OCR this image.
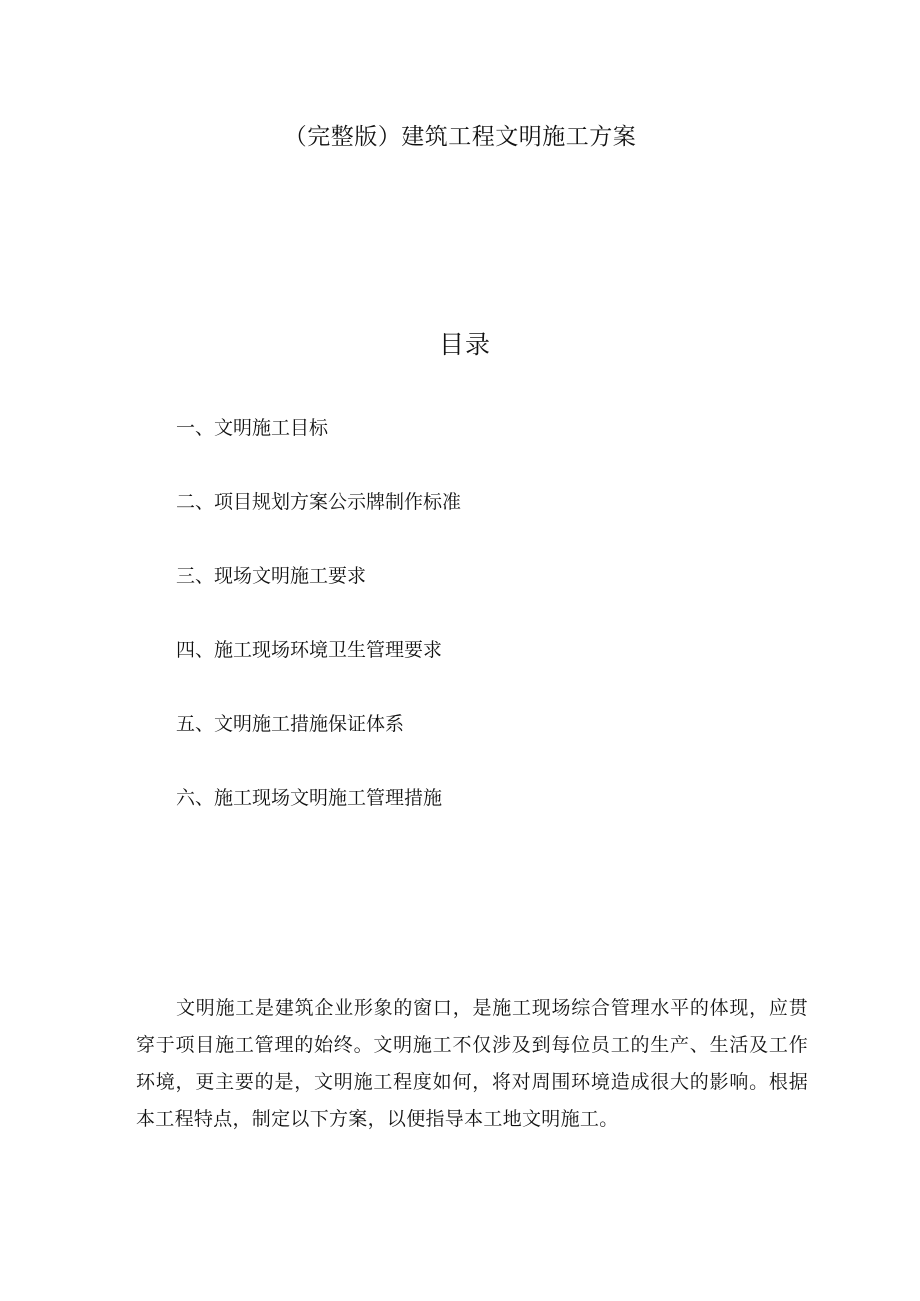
（完整版）建筑工程文明施工方案
目录
一、文明施工目标
二、项目规划方案公示牌制作标准
三、现场文明施工要求
四、施工现场环境卫生管理要求
五、文明施工措施保证体系
六、施工现场文明施工管理措施

文明施工是建筑企业形象的窗口，是施工现场综合管理水平的体现，应贯穿于项目施工管理的始终。文明施工不仅涉及到每位员工的生产、生活及工作环境，更主要的是，文明施工程度如何，将对周围环境造成很大的影响。根据本工程特点，制定以下方案，以便指导本工地文明施工。
